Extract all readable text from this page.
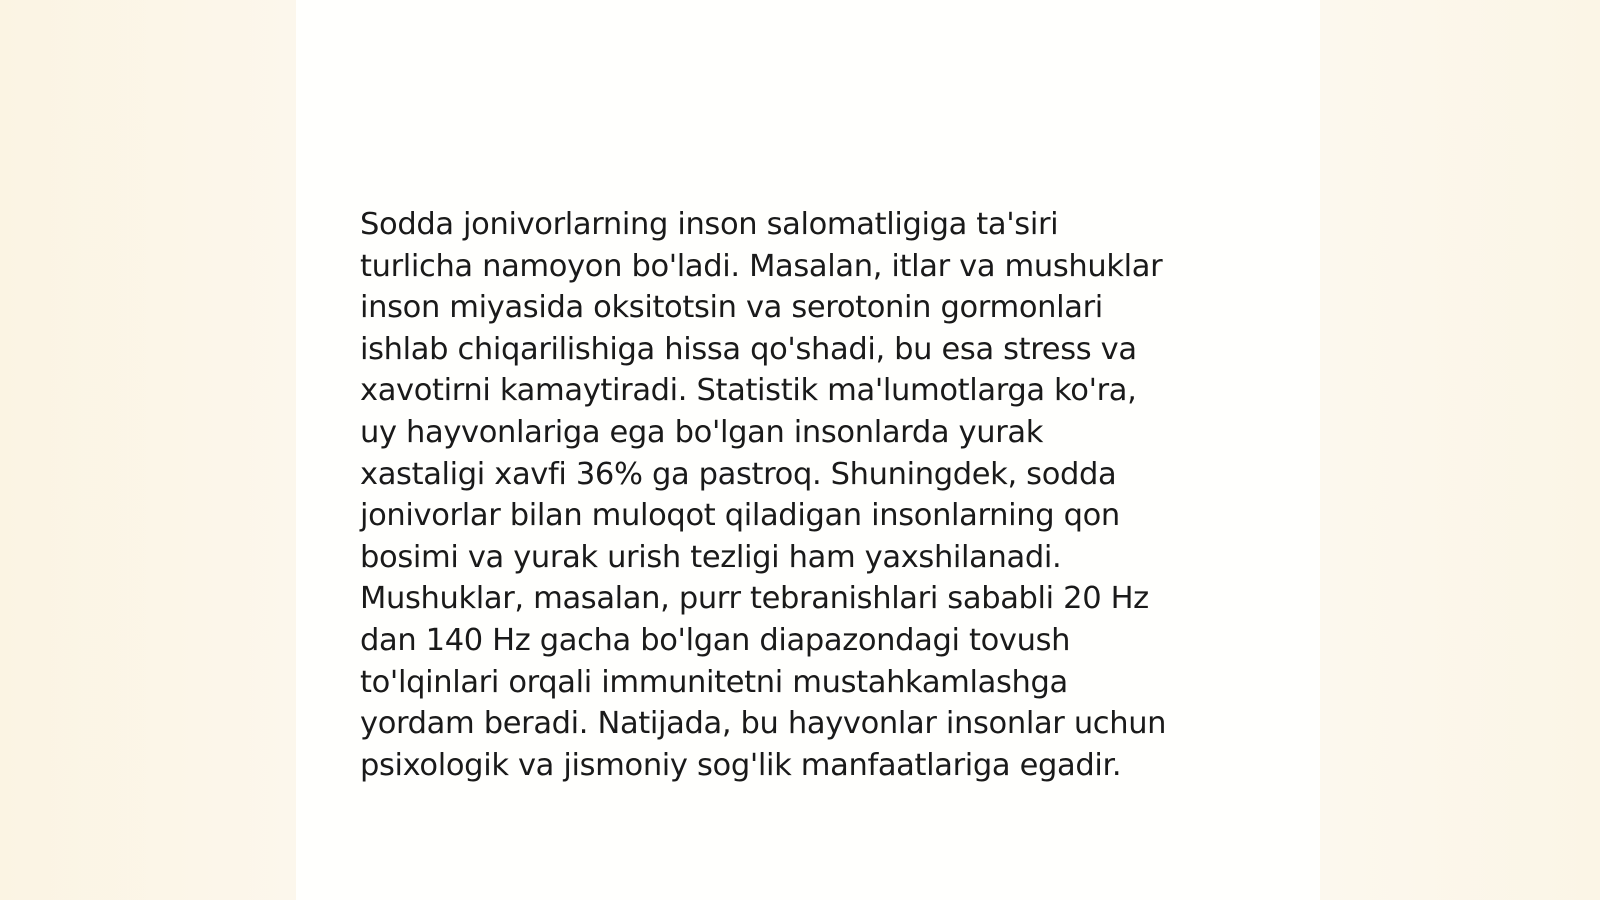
Sodda jonivorlarning inson salomatligiga ta'siri
turlicha namoyon bo'ladi. Masalan, itlar va mushuklar
inson miyasida oksitotsin va serotonin gormonlari
ishlab chiqarilishiga hissa qo'shadi, bu esa stress va
xavotirni kamaytiradi. Statistik ma'lumotlarga ko'ra,
uy hayvonlariga ega bo'lgan insonlarda yurak
xastaligi xavfi 36% ga pastroq. Shuningdek, sodda
jonivorlar bilan muloqot qiladigan insonlarning qon
bosimi va yurak urish tezligi ham yaxshilanadi.
Mushuklar, masalan, purr tebranishlari sababli 20 Hz
dan 140 Hz gacha bo'lgan diapazondagi tovush
to'lqinlari orqali immunitetni mustahkamlashga
yordam beradi. Natijada, bu hayvonlar insonlar uchun
psixologik va jismoniy sog'lik manfaatlariga egadir.
